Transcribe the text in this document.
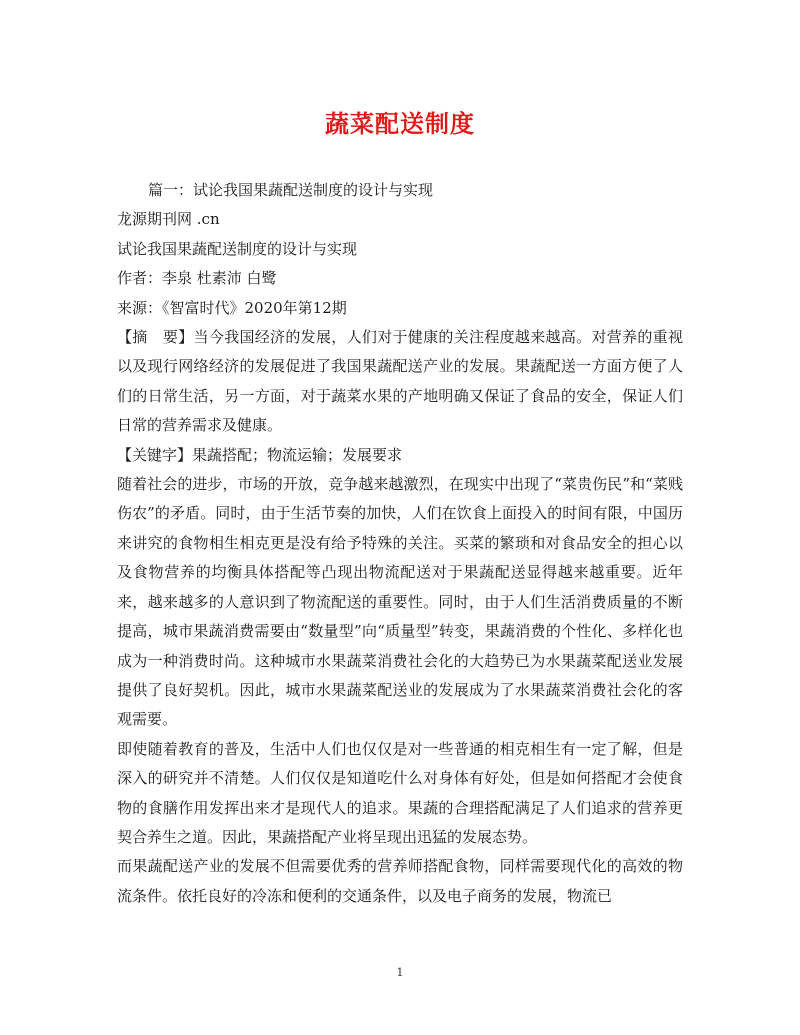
蔬菜配送制度
篇一：试论我国果蔬配送制度的设计与实现
龙源期刊网 .cn
试论我国果蔬配送制度的设计与实现
作者：李泉 杜素沛 白鹭
来源：《智富时代》2020年第12期
【摘　要】当今我国经济的发展，人们对于健康的关注程度越来越高。对营养的重视以及现行网络经济的发展促进了我国果蔬配送产业的发展。果蔬配送一方面方便了人们的日常生活，另一方面，对于蔬菜水果的产地明确又保证了食品的安全，保证人们日常的营养需求及健康。
【关键字】果蔬搭配；物流运输；发展要求
随着社会的进步，市场的开放，竞争越来越激烈，在现实中出现了“菜贵伤民”和“菜贱伤农”的矛盾。同时，由于生活节奏的加快，人们在饮食上面投入的时间有限，中国历来讲究的食物相生相克更是没有给予特殊的关注。买菜的繁琐和对食品安全的担心以及食物营养的均衡具体搭配等凸现出物流配送对于果蔬配送显得越来越重要。近年来，越来越多的人意识到了物流配送的重要性。同时，由于人们生活消费质量的不断提高，城市果蔬消费需要由“数量型”向“质量型”转变，果蔬消费的个性化、多样化也成为一种消费时尚。这种城市水果蔬菜消费社会化的大趋势已为水果蔬菜配送业发展提供了良好契机。因此，城市水果蔬菜配送业的发展成为了水果蔬菜消费社会化的客观需要。
即使随着教育的普及，生活中人们也仅仅是对一些普通的相克相生有一定了解，但是深入的研究并不清楚。人们仅仅是知道吃什么对身体有好处，但是如何搭配才会使食物的食膳作用发挥出来才是现代人的追求。果蔬的合理搭配满足了人们追求的营养更契合养生之道。因此，果蔬搭配产业将呈现出迅猛的发展态势。
而果蔬配送产业的发展不但需要优秀的营养师搭配食物，同样需要现代化的高效的物流条件。依托良好的冷冻和便利的交通条件，以及电子商务的发展，物流已
1
